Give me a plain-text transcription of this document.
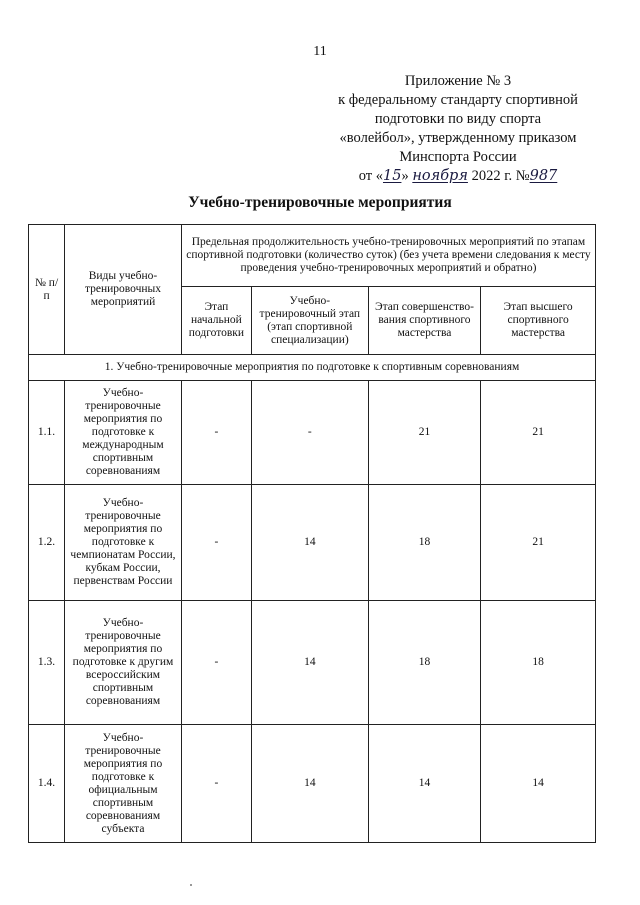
11
Приложение № 3
к федеральному стандарту спортивной
подготовки по виду спорта
«волейбол», утвержденному приказом
Минспорта России
от «15» ноября 2022 г. №987
Учебно-тренировочные мероприятия
№ п/п	Виды учебно-тренировочных мероприятий	Предельная продолжительность учебно-тренировочных мероприятий по этапам спортивной подготовки (количество суток) (без учета времени следования к месту проведения учебно-тренировочных мероприятий и обратно)			
		Этап начальной подготовки	Учебно-тренировочный этап (этап спортивной специализации)	Этап совершенство-вания спортивного мастерства	Этап высшего спортивного мастерства
1. Учебно-тренировочные мероприятия по подготовке к спортивным соревнованиям					
1.1.	Учебно-тренировочные мероприятия по подготовке к международным спортивным соревнованиям	-	-	21	21
1.2.	Учебно-тренировочные мероприятия по подготовке к чемпионатам России, кубкам России, первенствам России	-	14	18	21
1.3.	Учебно-тренировочные мероприятия по подготовке к другим всероссийским спортивным соревнованиям	-	14	18	18
1.4.	Учебно-тренировочные мероприятия по подготовке к официальным спортивным соревнованиям субъекта	-	14	14	14
